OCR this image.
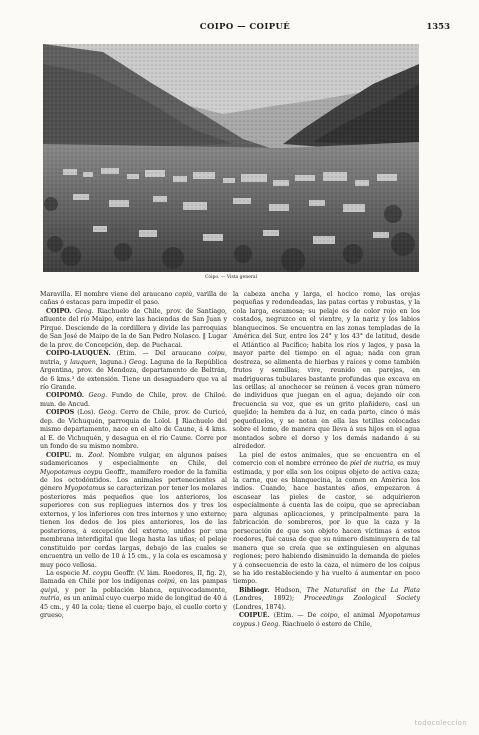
COIPO — COIPUÉ	1353
Coipo. — Vista general

Maravilla. El nombre viene del araucano copiù, varilla de cañas ó estacas para impedir el paso.

COIPO. Geog. Riachuelo de Chile, prov. de Santiago, afluente del río Maipo, entre las haciendas de San Juan y Pirque. Desciende de la cordillera y divide las parroquias de San José de Maipo de la de San Pedro Nolasco. ‖ Lugar de la prov. de Concepción, dep. de Puchacai.

COIPO-LAUQUÉN. (Etim. — Del araucano coipu, nutria, y lauquen, laguna.) Geog. Laguna de la República Argentina, prov. de Mendoza, departamento de Beltrán, de 6 kms.² de extensión. Tiene un desaguadero que va al río Grande.

COIPOMÓ. Geog. Fundo de Chile, prov. de Chiloé. mun. de Ancud.

COIPOS (Los). Geog. Cerro de Chile, prov. de Curicó, dep. de Vichuquén, parroquia de Lolol. ‖ Riachuelo del mismo departamento, nace en el alto de Caune, á 4 kms. al E. de Vichuquén, y desagua en el río Caune. Corre por un fondo de su mismo nombre.

COIPU. m. Zool. Nombre vulgar, en algunos países sudamericanos y especialmente en Chile, del Myopotamus coypu Geoffr., mamífero roedor de la familia de los octodóntidos. Los animales pertenecientes al género Myopotamus se caracterizan por tener los molares posteriores más pequeños que los anteriores, los superiores con sus repliegues internos dos y tres los externos, y los inferiores con tres internos y uno externo; tienen los dedos de los pies anteriores, los de las posteriores, á excepción del externo, unidos por una membrana interdigital que llega hasta las uñas; el pelaje constituido por cerdas largas, debajo de las cuales se encuentra un vello de 10 á 15 cm., y la cola es escamosa y muy poco vellosa.

La especie M. coypu Geoffr. (V. lám. Roedores, II, fig. 2), llamada en Chile por los indígenas coipú, en las pampas quiyá, y por la población blanca, equivocadamente, nutria, es un animal cuyo cuerpo mide de longitud de 40 á 45 cm., y 40 la cola; tiene el cuerpo bajo, el cuello corto y grueso,

la cabeza ancha y larga, el hocico romo, las orejas pequeñas y redondeadas, las patas cortas y robustas, y la cola larga, escamosa; su pelaje es de color rojo en los costados, negruzco en el vientre, y la nariz y los labios blanquecinos. Se encuentra en las zonas templadas de la América del Sur, entre los 24° y los 43° de latitud, desde el Atlántico al Pacífico; habita los ríos y lagos, y pasa la mayor parte del tiempo en el agua; nada con gran destreza, se alimenta de hierbas y raíces y come también frutos y semillas; vive, reunido en parejas, en madrigueras tubulares bastante profundas que excava en las orillas; al anochecer se reúnen á veces gran número de individuos que juegan en el agua, dejando oír con frecuencia su voz, que es un grito plañidero, casi un quejido; la hembra da á luz, en cada parto, cinco ó más pequeñuelos, y se notan en ella las tetillas colocadas sobre el lomo, de manera que lleva á sus hijos en el agua montados sobre el dorso y los demás nadando á su alrededor.

La piel de estos animales, que se encuentra en el comercio con el nombre erróneo de piel de nutria, es muy estimada, y por ella son los coipus objeto de activa caza; la carne, que es blanquecina, la comen en América los indios. Cuando, hace bastantes años, empezaron á escasear las pieles de castor, se adquirieron especialmente á cuenta las de coipu, que se apreciaban para algunas aplicaciones, y principalmente para la fabricación de sombreros, por lo que la caza y la persecución de que son objeto hacen víctimas á estos roedores, fué causa de que su número disminuyera de tal manera que se creía que se extinguiesen en algunas regiones; pero habiendo disminuido la demanda de pieles y á consecuencia de esto la caza, el número de los coipus se ha ido restableciendo y ha vuelto á aumentar en poco tiempo.

Bibliogr. Hudson, The Naturalist on the La Plata (Londres, 1892); Proceedings Zoological Society (Londres, 1874).

COIPUÉ. (Etim. — De coipo, el animal Myopotamus coypus.) Geog. Riachuelo ó estero de Chile,

todocoleccion
